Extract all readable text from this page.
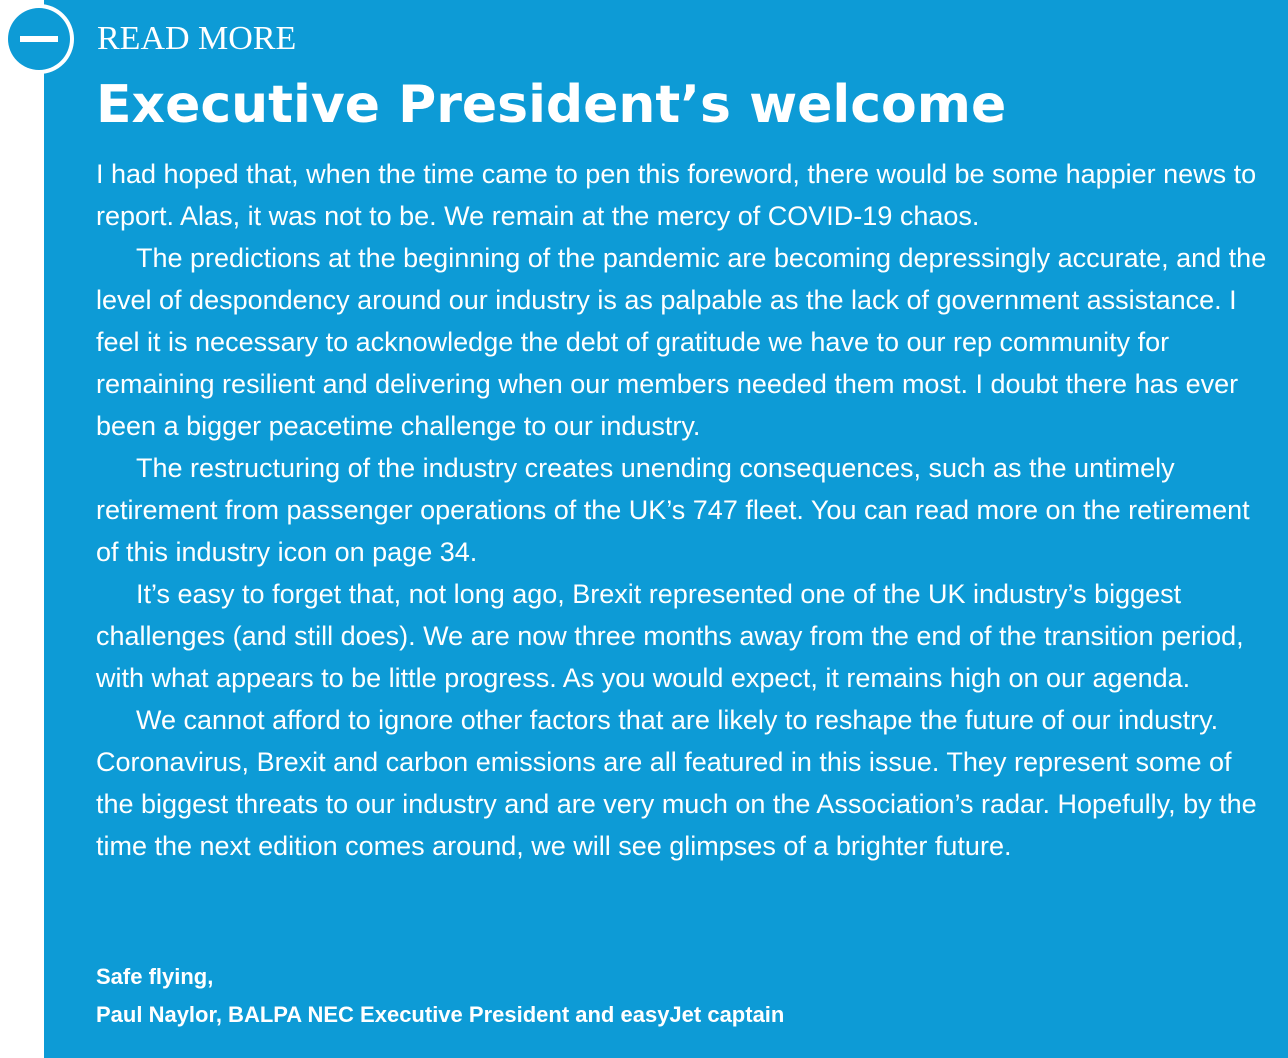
READ MORE
Executive President’s welcome

I had hoped that, when the time came to pen this foreword, there would be some happier news to report. Alas, it was not to be. We remain at the mercy of COVID-19 chaos.

The predictions at the beginning of the pandemic are becoming depressingly accurate, and the level of despondency around our industry is as palpable as the lack of government assistance. I feel it is necessary to acknowledge the debt of gratitude we have to our rep community for remaining resilient and delivering when our members needed them most. I doubt there has ever been a bigger peacetime challenge to our industry.

The restructuring of the industry creates unending consequences, such as the untimely retirement from passenger operations of the UK’s 747 fleet. You can read more on the retirement of this industry icon on page 34.

It’s easy to forget that, not long ago, Brexit represented one of the UK industry’s biggest challenges (and still does). We are now three months away from the end of the transition period, with what appears to be little progress. As you would expect, it remains high on our agenda.

We cannot afford to ignore other factors that are likely to reshape the future of our industry. Coronavirus, Brexit and carbon emissions are all featured in this issue. They represent some of the biggest threats to our industry and are very much on the Association’s radar. Hopefully, by the time the next edition comes around, we will see glimpses of a brighter future.

Safe flying,
Paul Naylor, BALPA NEC Executive President and easyJet captain
